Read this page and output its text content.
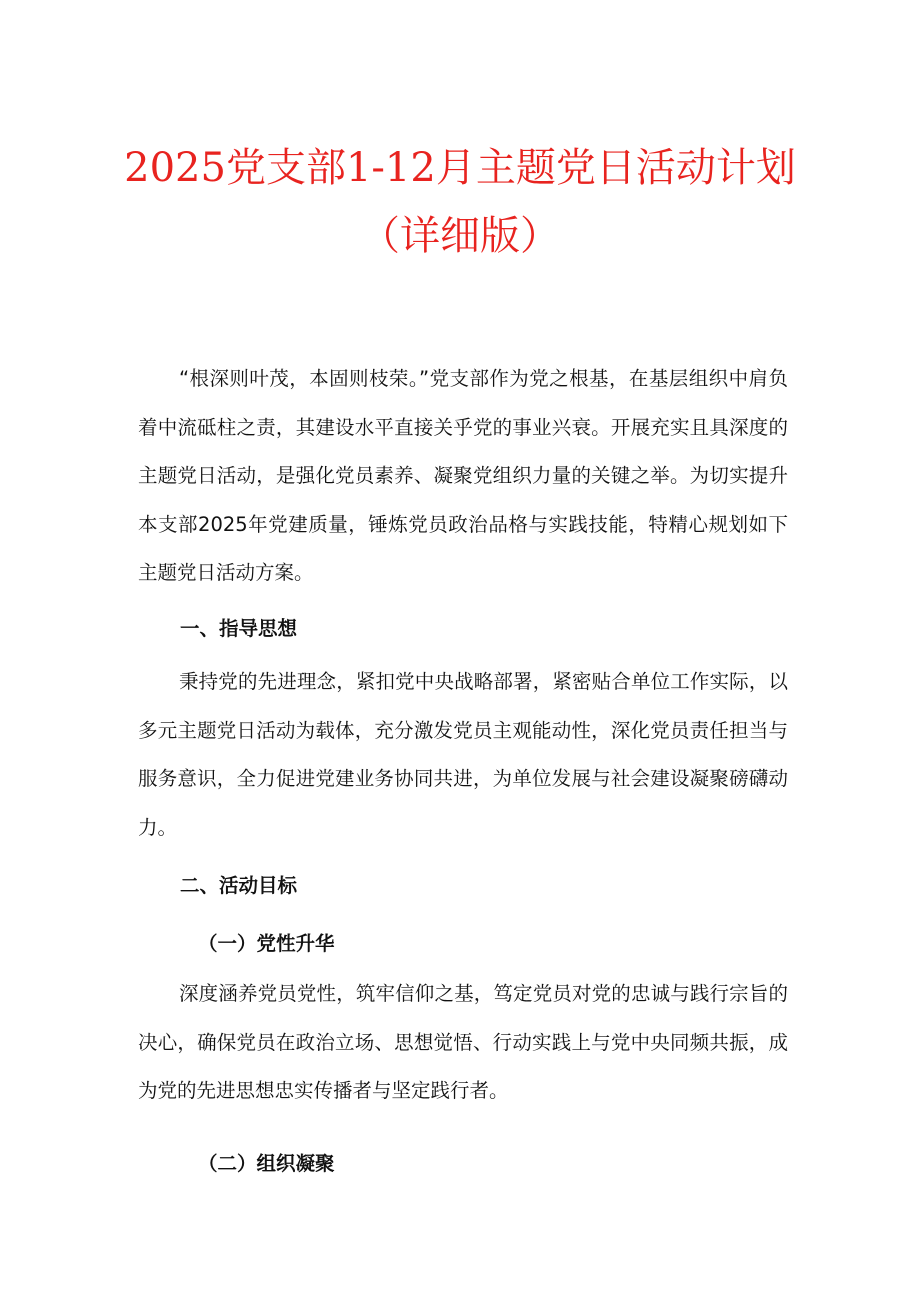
2025党支部1-12月主题党日活动计划
（详细版）

“根深则叶茂，本固则枝荣。”党支部作为党之根基，在基层组织中肩负着中流砥柱之责，其建设水平直接关乎党的事业兴衰。开展充实且具深度的主题党日活动，是强化党员素养、凝聚党组织力量的关键之举。为切实提升本支部2025年党建质量，锤炼党员政治品格与实践技能，特精心规划如下主题党日活动方案。

一、指导思想

秉持党的先进理念，紧扣党中央战略部署，紧密贴合单位工作实际，以多元主题党日活动为载体，充分激发党员主观能动性，深化党员责任担当与服务意识，全力促进党建业务协同共进，为单位发展与社会建设凝聚磅礴动力。

二、活动目标
（一）党性升华

深度涵养党员党性，筑牢信仰之基，笃定党员对党的忠诚与践行宗旨的决心，确保党员在政治立场、思想觉悟、行动实践上与党中央同频共振，成为党的先进思想忠实传播者与坚定践行者。

（二）组织凝聚
